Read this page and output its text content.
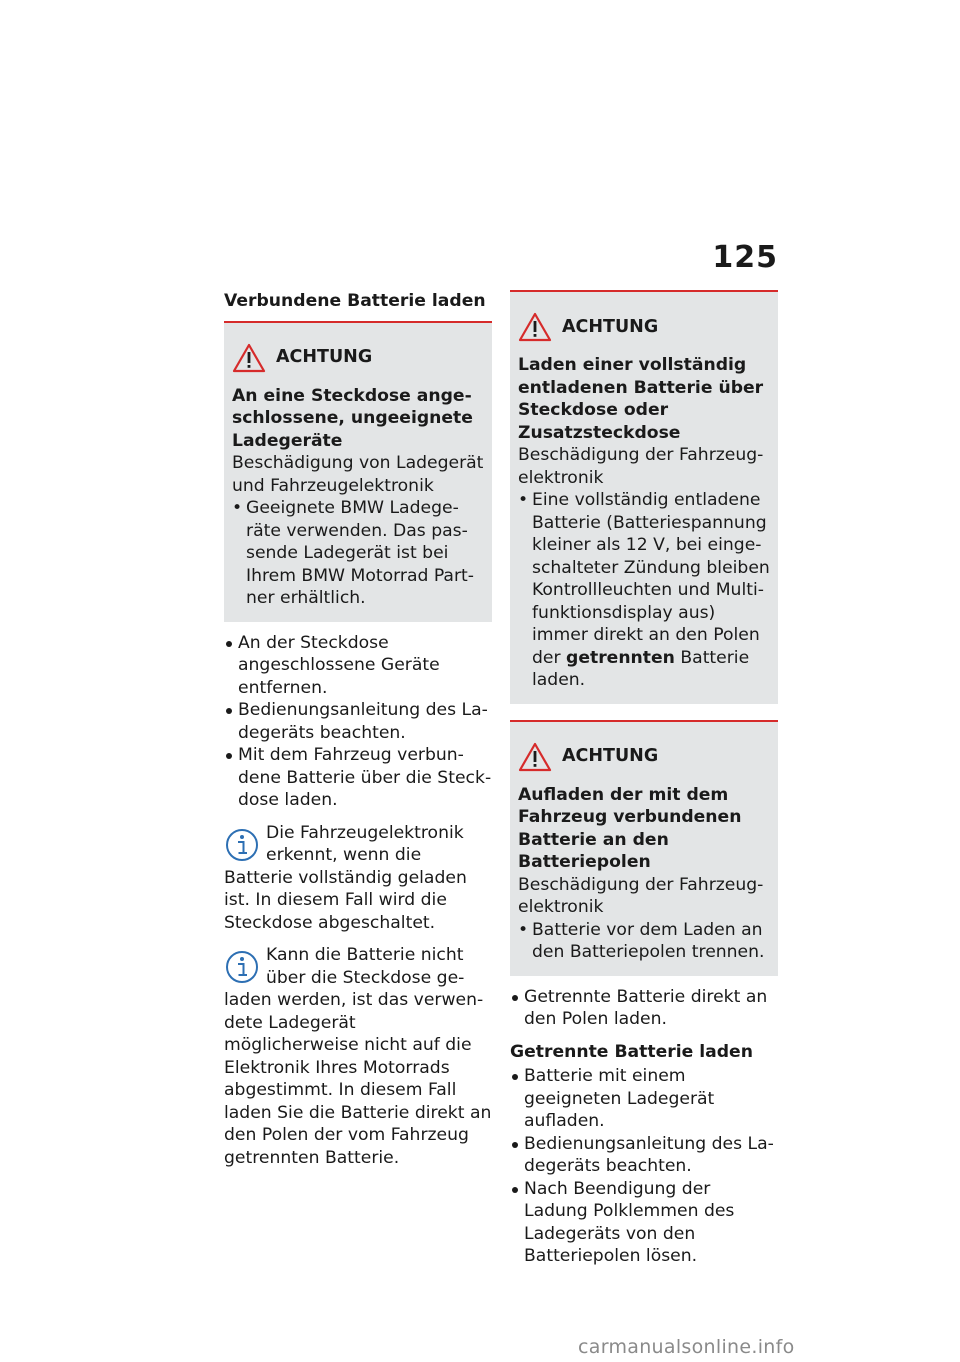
125
Verbundene Batterie laden
ACHTUNG

An eine Steckdose angeschlossene, ungeeignete Ladegeräte

Beschädigung von Ladegerät und Fahrzeugelektronik

• Geeignete BMW Ladegeräte verwenden. Das passende Ladegerät ist bei Ihrem BMW Motorrad Partner erhältlich.
An der Steckdose angeschlossene Geräte entfernen.
Bedienungsanleitung des Ladegeräts beachten.
Mit dem Fahrzeug verbundene Batterie über die Steckdose laden.

Die Fahrzeugelektronik erkennt, wenn die Batterie vollständig geladen ist. In diesem Fall wird die Steckdose abgeschaltet.

Kann die Batterie nicht über die Steckdose geladen werden, ist das verwendete Ladegerät möglicherweise nicht auf die Elektronik Ihres Motorrads abgestimmt. In diesem Fall laden Sie die Batterie direkt an den Polen der vom Fahrzeug getrennten Batterie.

ACHTUNG

Laden einer vollständig entladenen Batterie über Steckdose oder Zusatzsteckdose

Beschädigung der Fahrzeugelektronik

• Eine vollständig entladene Batterie (Batteriespannung kleiner als 12 V, bei eingeschalteter Zündung bleiben Kontrollleuchten und Multifunktionsdisplay aus) immer direkt an den Polen der getrennten Batterie laden.
ACHTUNG

Aufladen der mit dem Fahrzeug verbundenen Batterie an den Batteriepolen

Beschädigung der Fahrzeugelektronik

• Batterie vor dem Laden an den Batteriepolen trennen.
Getrennte Batterie direkt an den Polen laden.
Getrennte Batterie laden
Batterie mit einem geeigneten Ladegerät aufladen.
Bedienungsanleitung des Ladegeräts beachten.
Nach Beendigung der Ladung Polklemmen des Ladegeräts von den Batteriepolen lösen.
carmanualsonline.info
